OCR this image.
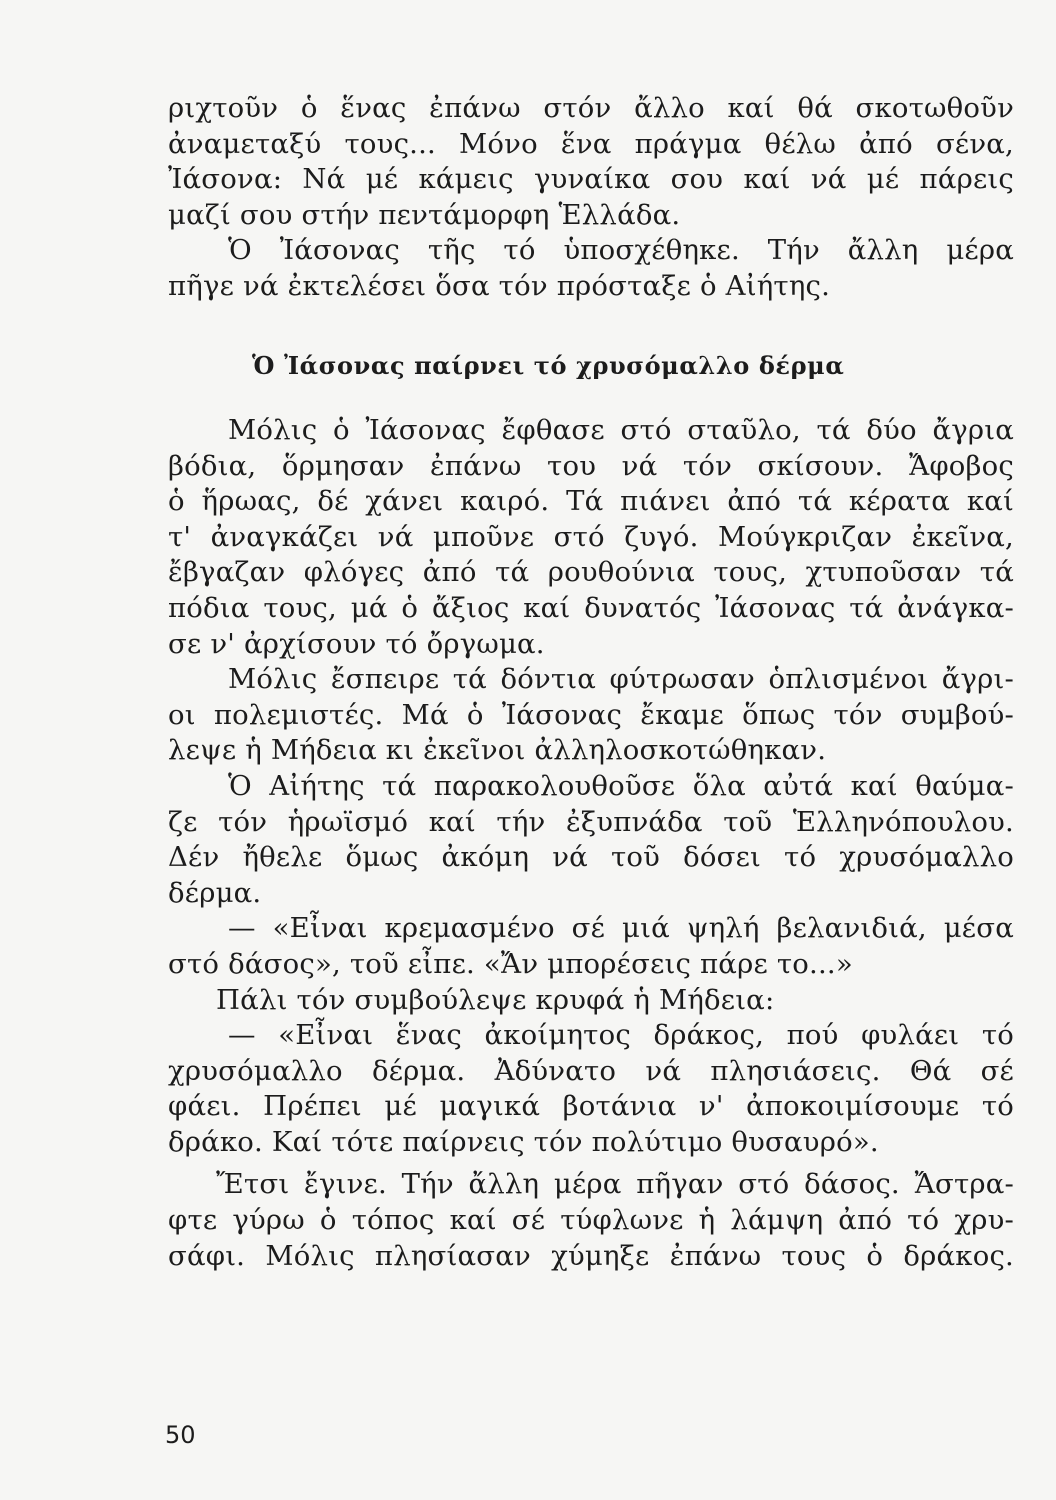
ριχτοῦν ὁ ἕνας ἐπάνω στόν ἄλλο καί θά σκοτωθοῦν
ἀναμεταξύ τους... Μόνο ἕνα πράγμα θέλω ἀπό σένα,
Ἰάσονα: Νά μέ κάμεις γυναίκα σου καί νά μέ πάρεις
μαζί σου στήν πεντάμορφη Ἑλλάδα.
Ὁ Ἰάσονας τῆς τό ὑποσχέθηκε. Τήν ἄλλη μέρα
πῆγε νά ἐκτελέσει ὅσα τόν πρόσταξε ὁ Αἰήτης.
Ὁ Ἰάσονας παίρνει τό χρυσόμαλλο δέρμα
Μόλις ὁ Ἰάσονας ἔφθασε στό σταῦλο, τά δύο ἄγρια
βόδια, ὅρμησαν ἐπάνω του νά τόν σκίσουν. Ἄφοβος
ὁ ἥρωας, δέ χάνει καιρό. Τά πιάνει ἀπό τά κέρατα καί
τ' ἀναγκάζει νά μποῦνε στό ζυγό. Μούγκριζαν ἐκεῖνα,
ἔβγαζαν φλόγες ἀπό τά ρουθούνια τους, χτυποῦσαν τά
πόδια τους, μά ὁ ἄξιος καί δυνατός Ἰάσονας τά ἀνάγκα-
σε ν' ἀρχίσουν τό ὄργωμα.
Μόλις ἔσπειρε τά δόντια φύτρωσαν ὁπλισμένοι ἄγρι-
οι πολεμιστές. Μά ὁ Ἰάσονας ἔκαμε ὅπως τόν συμβού-
λεψε ἡ Μήδεια κι ἐκεῖνοι ἀλληλοσκοτώθηκαν.
Ὁ Αἰήτης τά παρακολουθοῦσε ὅλα αὐτά καί θαύμα-
ζε τόν ἡρωϊσμό καί τήν ἐξυπνάδα τοῦ Ἑλληνόπουλου.
Δέν ἤθελε ὅμως ἀκόμη νά τοῦ δόσει τό χρυσόμαλλο
δέρμα.
— «Εἶναι κρεμασμένο σέ μιά ψηλή βελανιδιά, μέσα
στό δάσος», τοῦ εἶπε. «Ἄν μπορέσεις πάρε το...»
Πάλι τόν συμβούλεψε κρυφά ἡ Μήδεια:
— «Εἶναι ἕνας ἀκοίμητος δράκος, πού φυλάει τό
χρυσόμαλλο δέρμα. Ἀδύνατο νά πλησιάσεις. Θά σέ
φάει. Πρέπει μέ μαγικά βοτάνια ν' ἀποκοιμίσουμε τό
δράκο. Καί τότε παίρνεις τόν πολύτιμο θυσαυρό».
Ἔτσι ἔγινε. Τήν ἄλλη μέρα πῆγαν στό δάσος. Ἄστρα-
φτε γύρω ὁ τόπος καί σέ τύφλωνε ἡ λάμψη ἀπό τό χρυ-
σάφι. Μόλις πλησίασαν χύμηξε ἐπάνω τους ὁ δράκος.
50
